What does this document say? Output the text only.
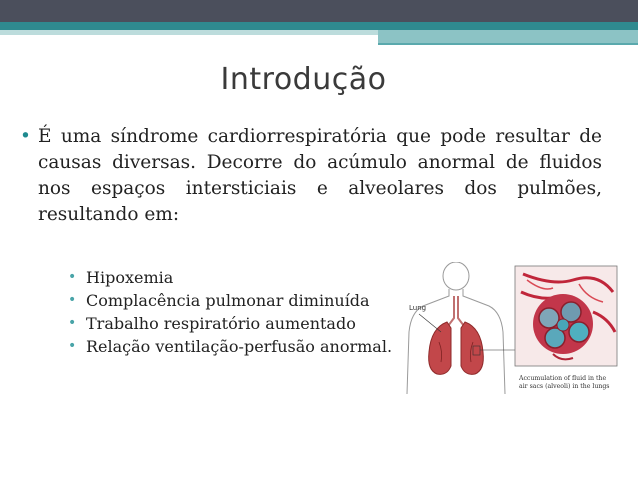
Introdução
• É uma síndrome cardiorrespiratória que pode resultar de causas diversas. Decorre do acúmulo anormal de fluidos nos espaços intersticiais e alveolares dos pulmões, resultando em:
• Hipoxemia
• Complacência pulmonar diminuída
• Trabalho respiratório aumentado
• Relação ventilação-perfusão anormal.
Lung
Accumulation of fluid in the
air sacs (alveoli) in the lungs
